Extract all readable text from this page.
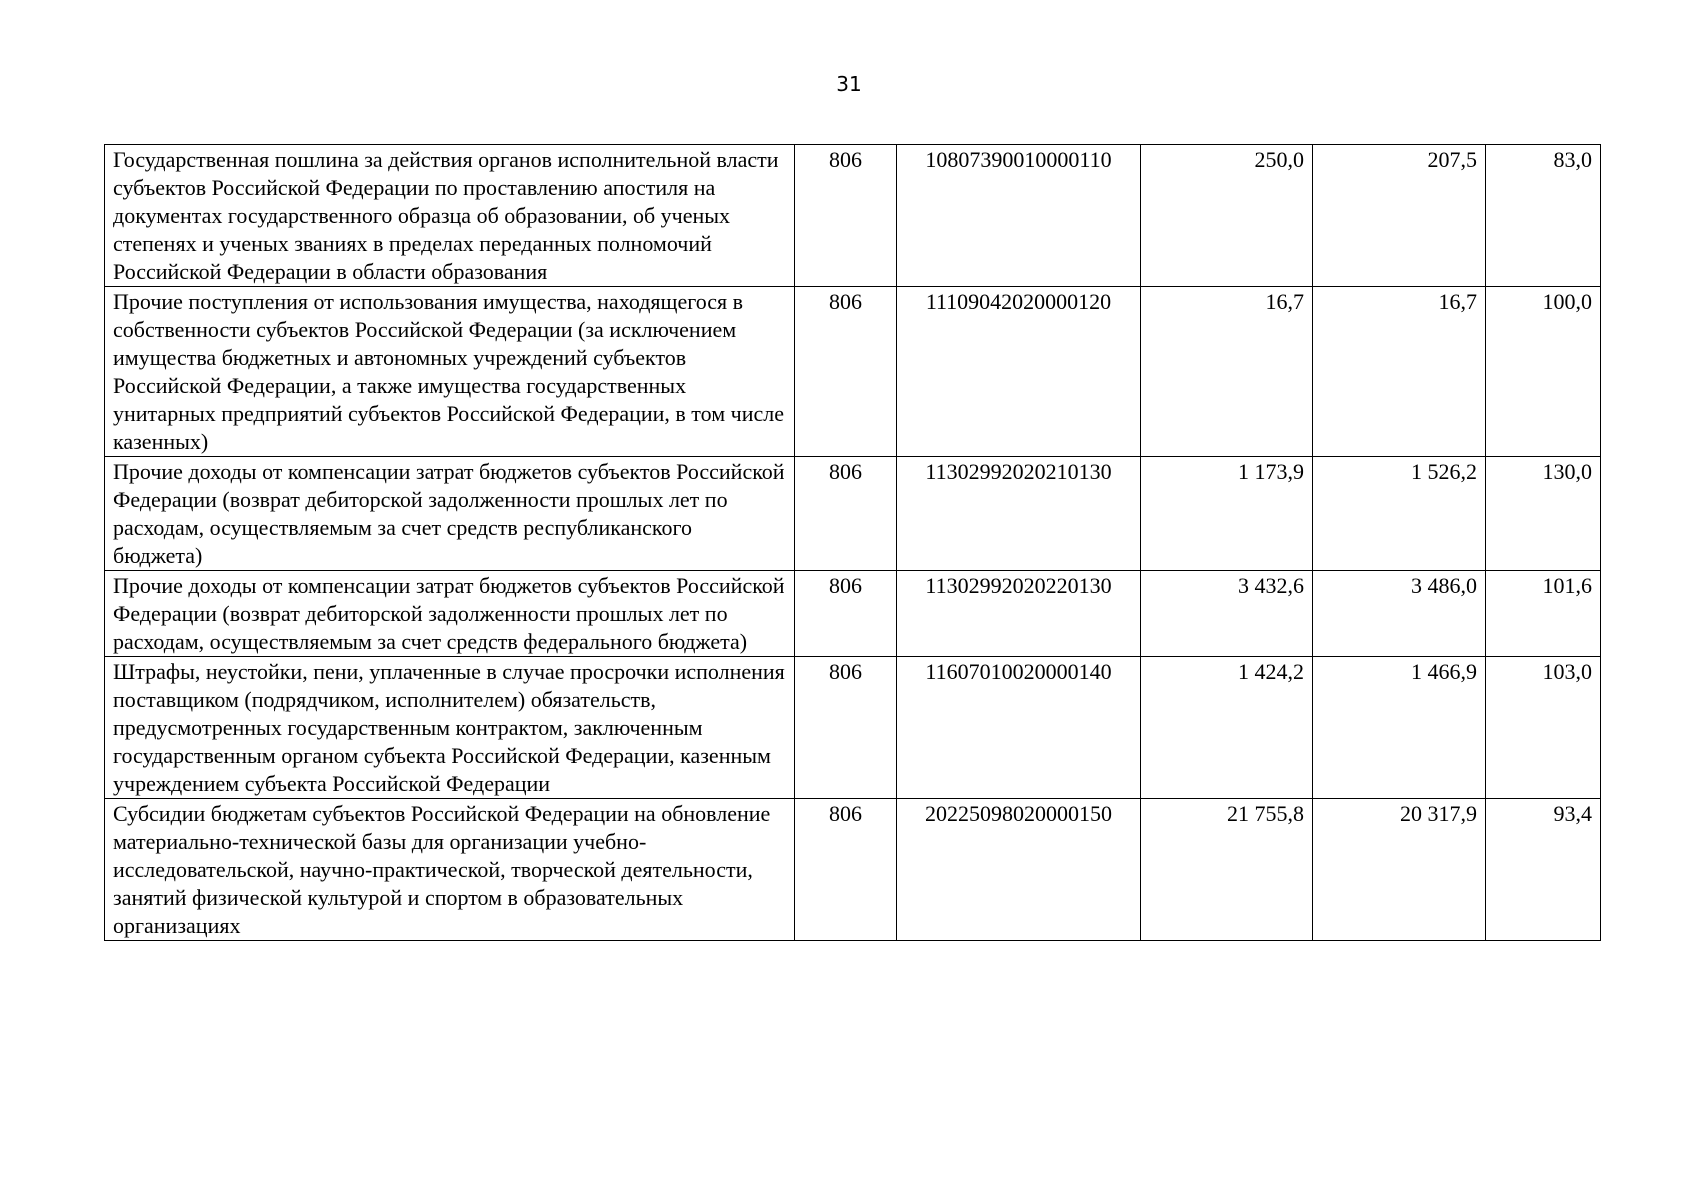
31
Государственная пошлина за действия органов исполнительной власти субъектов Российской Федерации по проставлению апостиля на документах государственного образца об образовании, об ученых степенях и ученых званиях в пределах переданных полномочий Российской Федерации в области образования	806	10807390010000110	250,0	207,5	83,0
Прочие поступления от использования имущества, находящегося в собственности субъектов Российской Федерации (за исключением имущества бюджетных и автономных учреждений субъектов Российской Федерации, а также имущества государственных унитарных предприятий субъектов Российской Федерации, в том числе казенных)	806	11109042020000120	16,7	16,7	100,0
Прочие доходы от компенсации затрат бюджетов субъектов Российской Федерации (возврат дебиторской задолженности прошлых лет по расходам, осуществляемым за счет средств республиканского бюджета)	806	11302992020210130	1 173,9	1 526,2	130,0
Прочие доходы от компенсации затрат бюджетов субъектов Российской Федерации (возврат дебиторской задолженности прошлых лет по расходам, осуществляемым за счет средств федерального бюджета)	806	11302992020220130	3 432,6	3 486,0	101,6
Штрафы, неустойки, пени, уплаченные в случае просрочки исполнения поставщиком (подрядчиком, исполнителем) обязательств, предусмотренных государственным контрактом, заключенным государственным органом субъекта Российской Федерации, казенным учреждением субъекта Российской Федерации	806	11607010020000140	1 424,2	1 466,9	103,0
Субсидии бюджетам субъектов Российской Федерации на обновление материально-технической базы для организации учебно-исследовательской, научно-практической, творческой деятельности, занятий физической культурой и спортом в образовательных организациях	806	20225098020000150	21 755,8	20 317,9	93,4
